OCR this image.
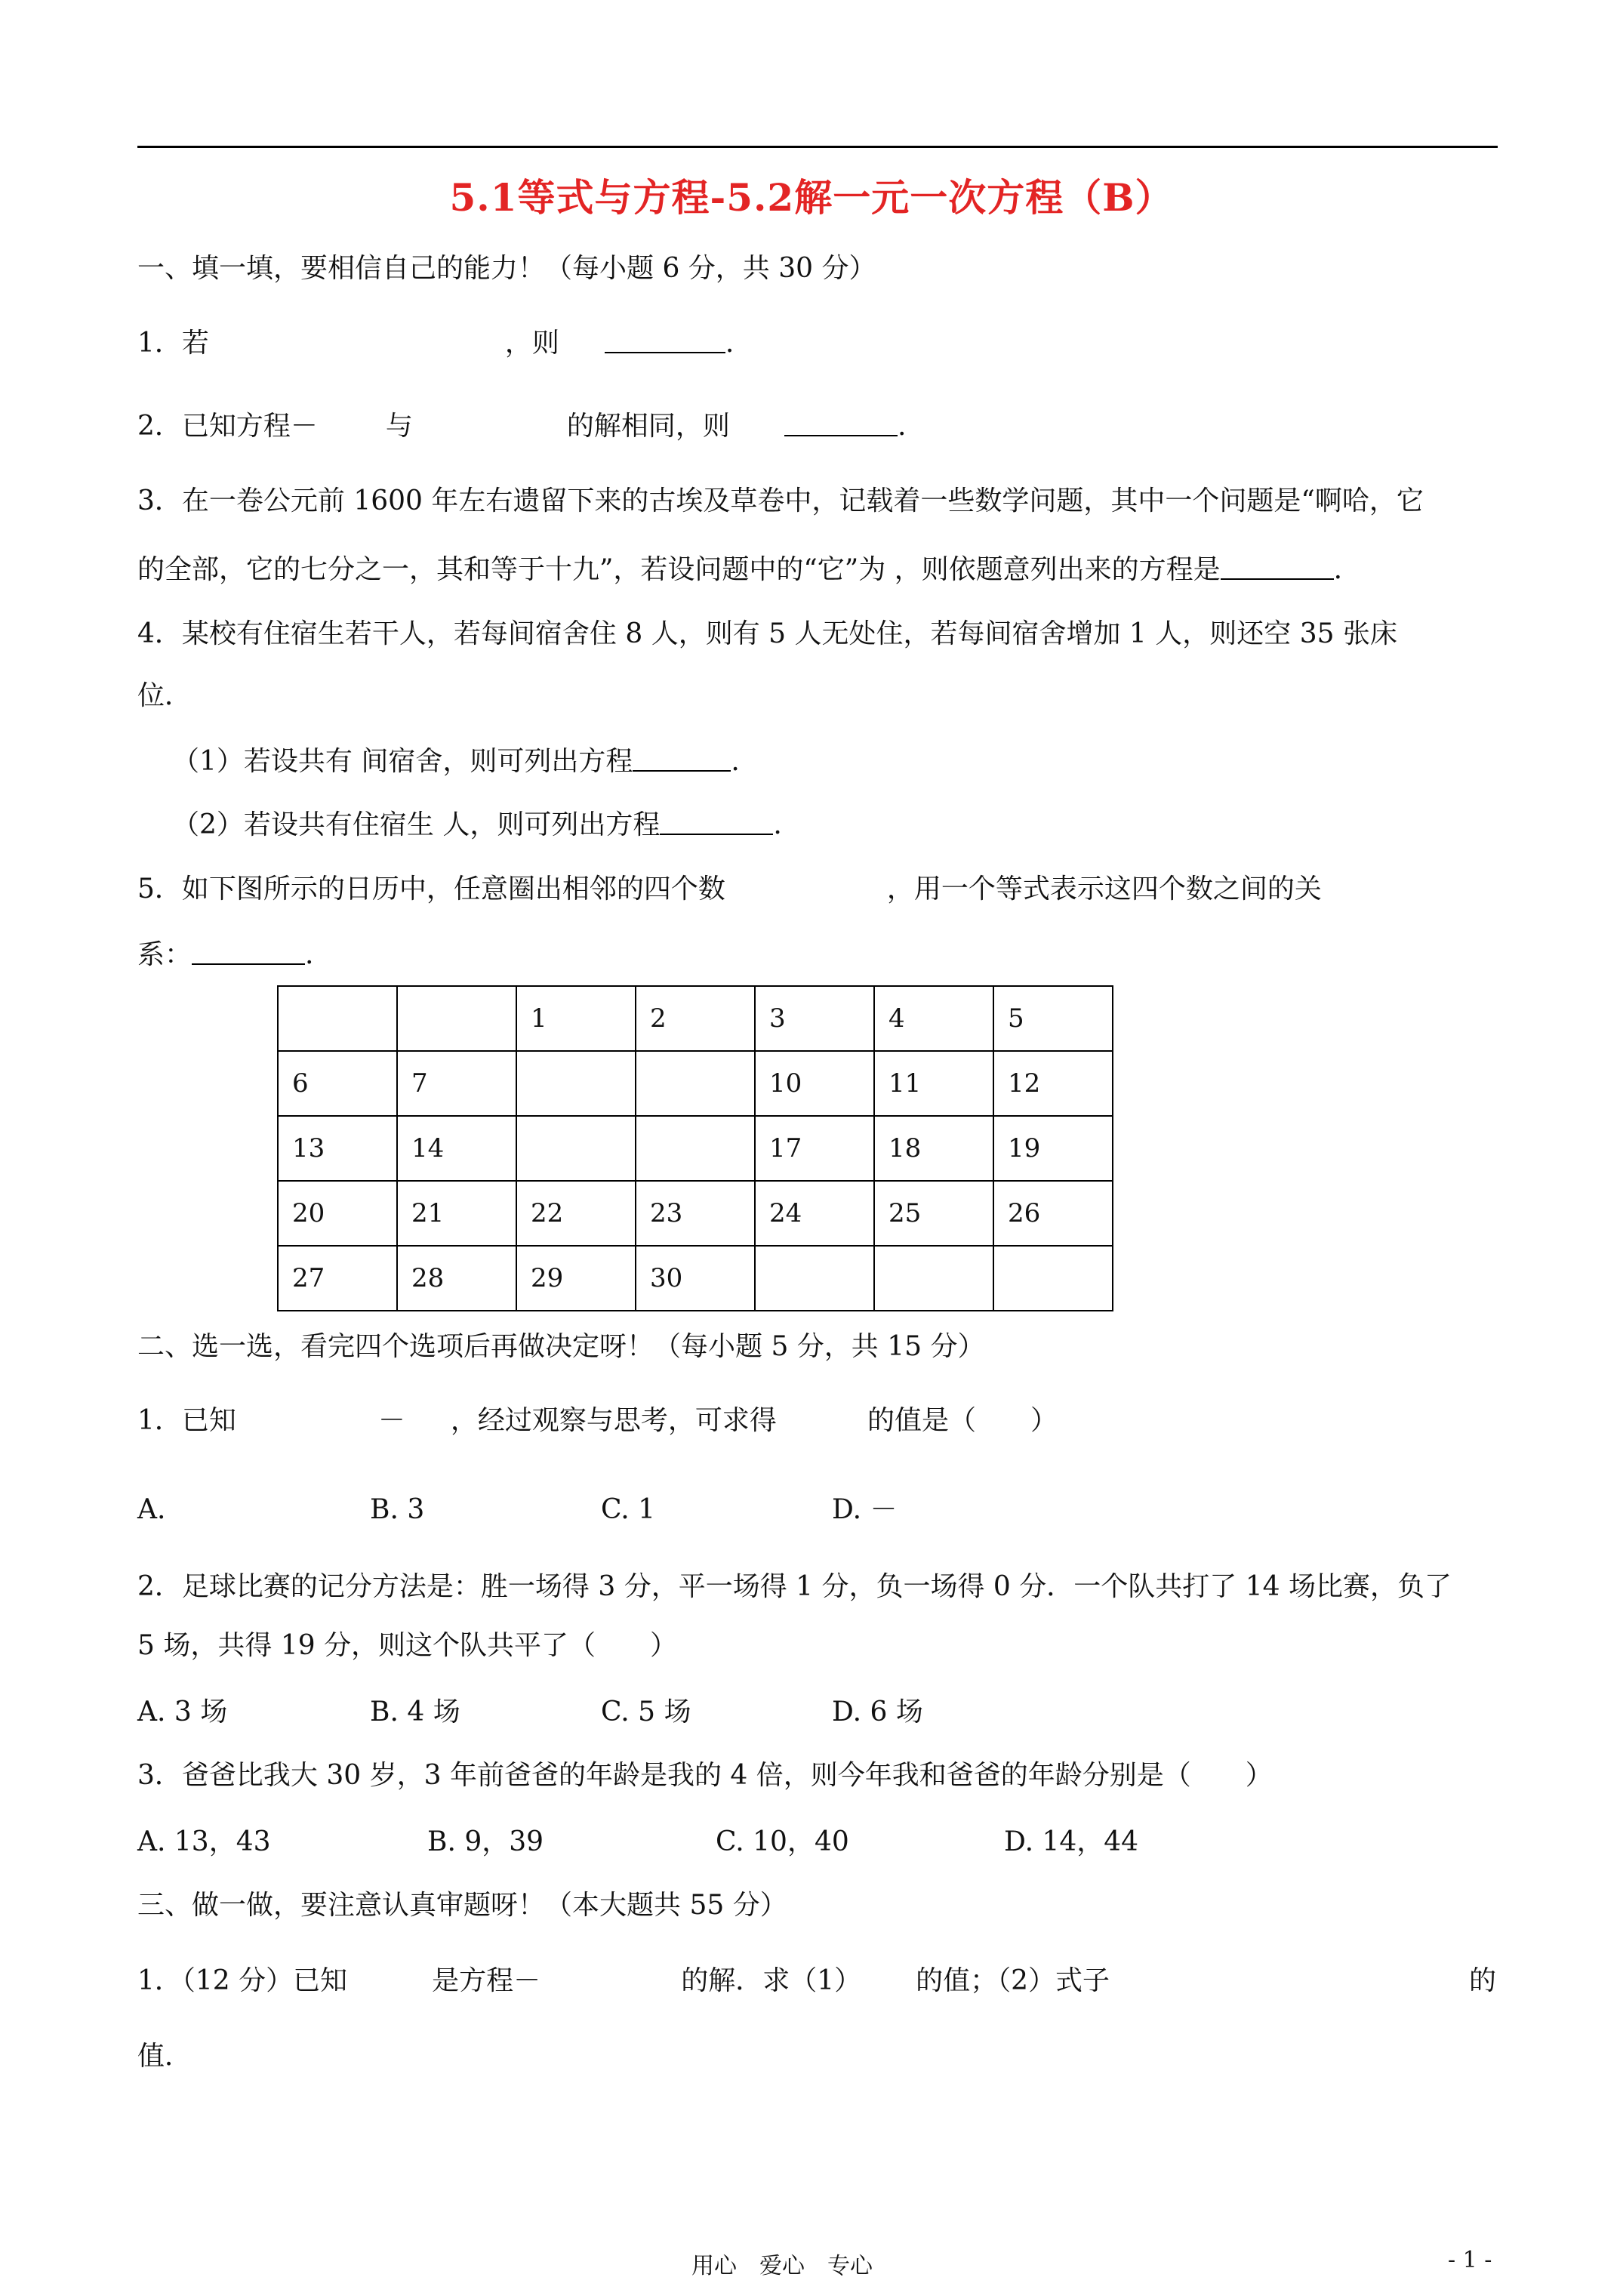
5.1等式与方程-5.2解一元一次方程（B）
一、填一填，要相信自己的能力！（每小题 6 分，共 30 分）
1．若	，则	.
2．已知方程－	与	的解相同，则	.
3．在一卷公元前 1600 年左右遗留下来的古埃及草卷中，记载着一些数学问题，其中一个问题是“啊哈，它
的全部，它的七分之一，其和等于十九”，若设问题中的“它”为 ，则依题意列出来的方程是	.
4．某校有住宿生若干人，若每间宿舍住 8 人，则有 5 人无处住，若每间宿舍增加 1 人，则还空 35 张床
位．
（1）若设共有 间宿舍，则可列出方程	.
（2）若设共有住宿生 人，则可列出方程	.
5．如下图所示的日历中，任意圈出相邻的四个数	，用一个等式表示这四个数之间的关
系：	.
		1	2	3	4	5
6	7			10	11	12
13	14			17	18	19
20	21	22	23	24	25	26
27	28	29	30			
二、选一选，看完四个选项后再做决定呀！（每小题 5 分，共 15 分）
1．已知	－ ，经过观察与思考，可求得	的值是（　　）
A.	B. 3	C. 1	D. －
2．足球比赛的记分方法是：胜一场得 3 分，平一场得 1 分，负一场得 0 分．一个队共打了 14 场比赛，负了
5 场，共得 19 分，则这个队共平了（　　）
A. 3 场	B. 4 场	C. 5 场	D. 6 场
3．爸爸比我大 30 岁，3 年前爸爸的年龄是我的 4 倍，则今年我和爸爸的年龄分别是（　　）
A. 13，43	B. 9，39	C. 10，40	D. 14，44
三、做一做，要注意认真审题呀！（本大题共 55 分）
1．（12 分）已知	是方程－	的解．求（1） 的值；（2）式子	的
值．
用心　爱心　专心	- 1 -
